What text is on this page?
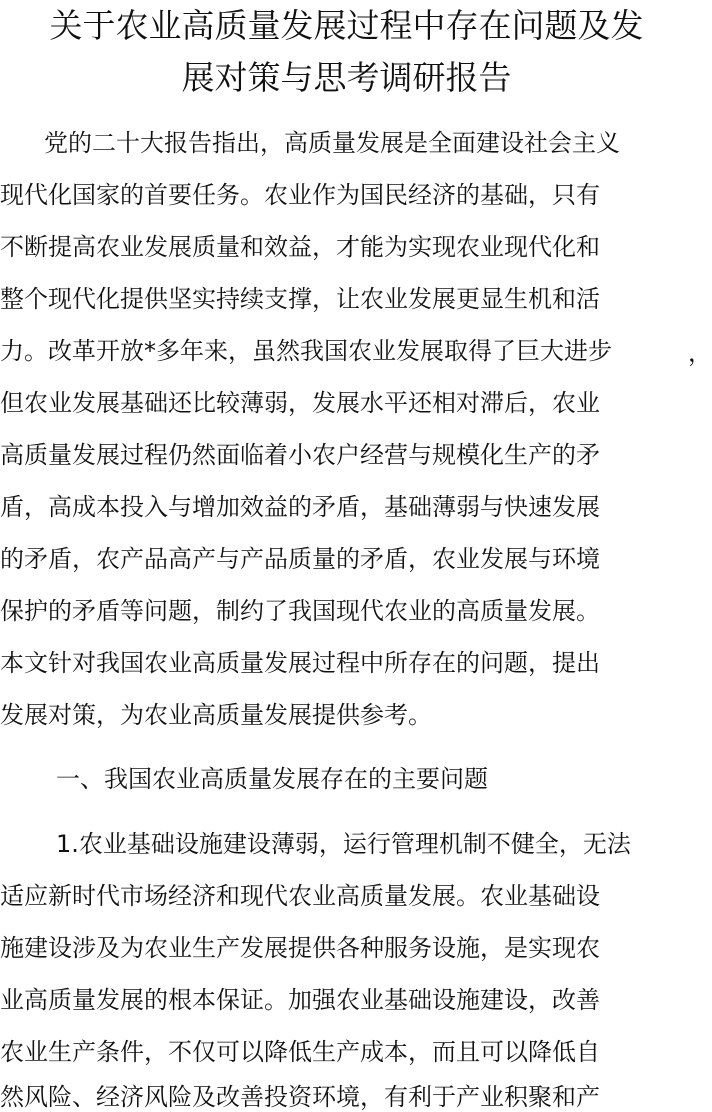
关于农业高质量发展过程中存在问题及发
展对策与思考调研报告
党的二十大报告指出，高质量发展是全面建设社会主义
现代化国家的首要任务。农业作为国民经济的基础，只有
不断提高农业发展质量和效益，才能为实现农业现代化和
整个现代化提供坚实持续支撑，让农业发展更显生机和活
力。改革开放*多年来，虽然我国农业发展取得了巨大进步	，
但农业发展基础还比较薄弱，发展水平还相对滞后，农业
高质量发展过程仍然面临着小农户经营与规模化生产的矛
盾，高成本投入与增加效益的矛盾，基础薄弱与快速发展
的矛盾，农产品高产与产品质量的矛盾，农业发展与环境
保护的矛盾等问题，制约了我国现代农业的高质量发展。
本文针对我国农业高质量发展过程中所存在的问题，提出
发展对策，为农业高质量发展提供参考。
一、我国农业高质量发展存在的主要问题
1.农业基础设施建设薄弱，运行管理机制不健全，无法
适应新时代市场经济和现代农业高质量发展。农业基础设
施建设涉及为农业生产发展提供各种服务设施，是实现农
业高质量发展的根本保证。加强农业基础设施建设，改善
农业生产条件，不仅可以降低生产成本，而且可以降低自
然风险、经济风险及改善投资环境，有利于产业积聚和产
